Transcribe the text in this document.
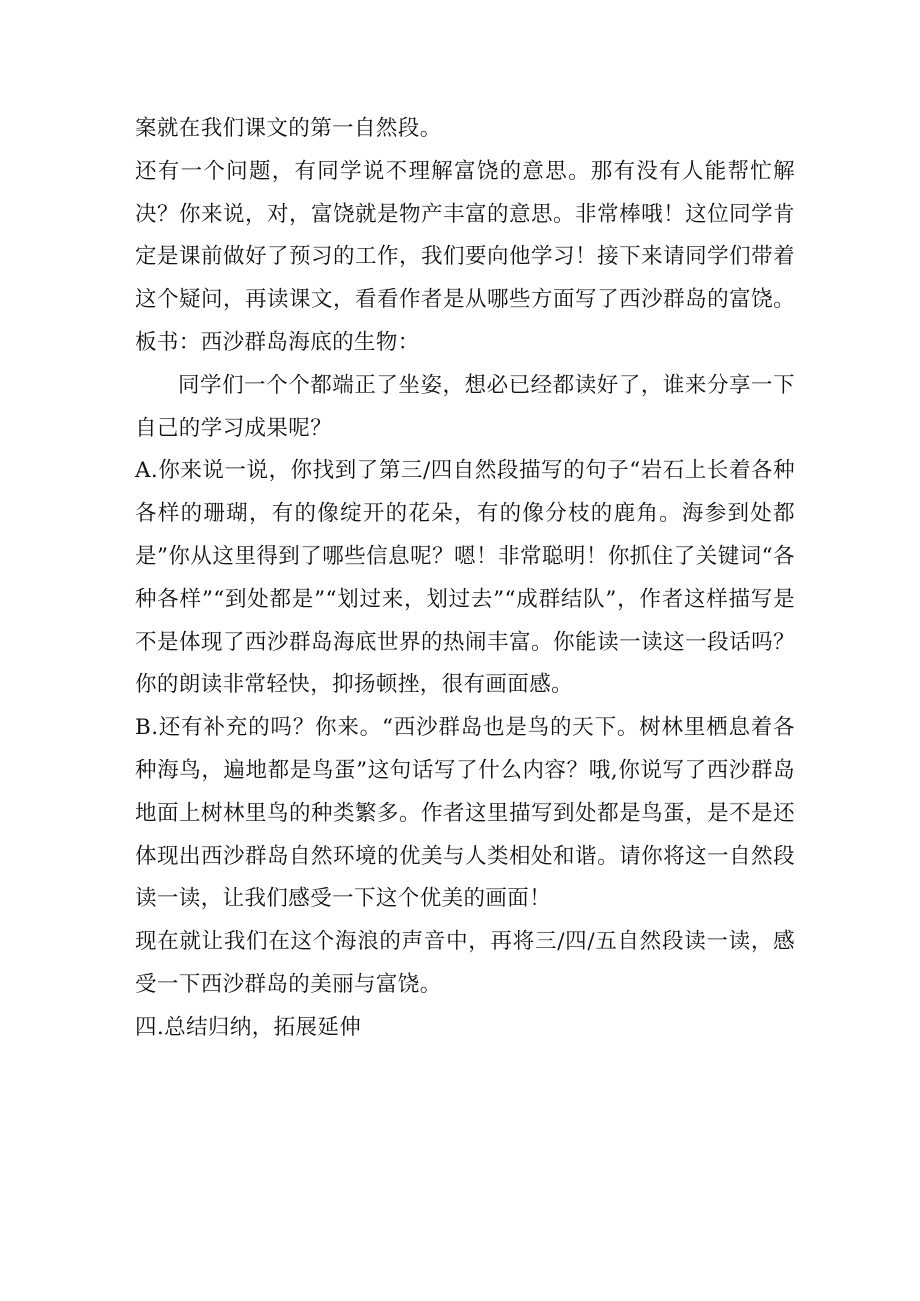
案就在我们课文的第一自然段。

还有一个问题，有同学说不理解富饶的意思。那有没有人能帮忙解决？你来说，对，富饶就是物产丰富的意思。非常棒哦！这位同学肯定是课前做好了预习的工作，我们要向他学习！接下来请同学们带着这个疑问，再读课文，看看作者是从哪些方面写了西沙群岛的富饶。板书：西沙群岛海底的生物：

同学们一个个都端正了坐姿，想必已经都读好了，谁来分享一下自己的学习成果呢？

A.你来说一说，你找到了第三/四自然段描写的句子“岩石上长着各种各样的珊瑚，有的像绽开的花朵，有的像分枝的鹿角。海参到处都是”你从这里得到了哪些信息呢？嗯！非常聪明！你抓住了关键词“各种各样”“到处都是”“划过来，划过去”“成群结队”，作者这样描写是不是体现了西沙群岛海底世界的热闹丰富。你能读一读这一段话吗？你的朗读非常轻快，抑扬顿挫，很有画面感。

B.还有补充的吗？你来。“西沙群岛也是鸟的天下。树林里栖息着各种海鸟，遍地都是鸟蛋”这句话写了什么内容？哦,你说写了西沙群岛地面上树林里鸟的种类繁多。作者这里描写到处都是鸟蛋，是不是还体现出西沙群岛自然环境的优美与人类相处和谐。请你将这一自然段读一读，让我们感受一下这个优美的画面！

现在就让我们在这个海浪的声音中，再将三/四/五自然段读一读，感受一下西沙群岛的美丽与富饶。

四.总结归纳，拓展延伸
